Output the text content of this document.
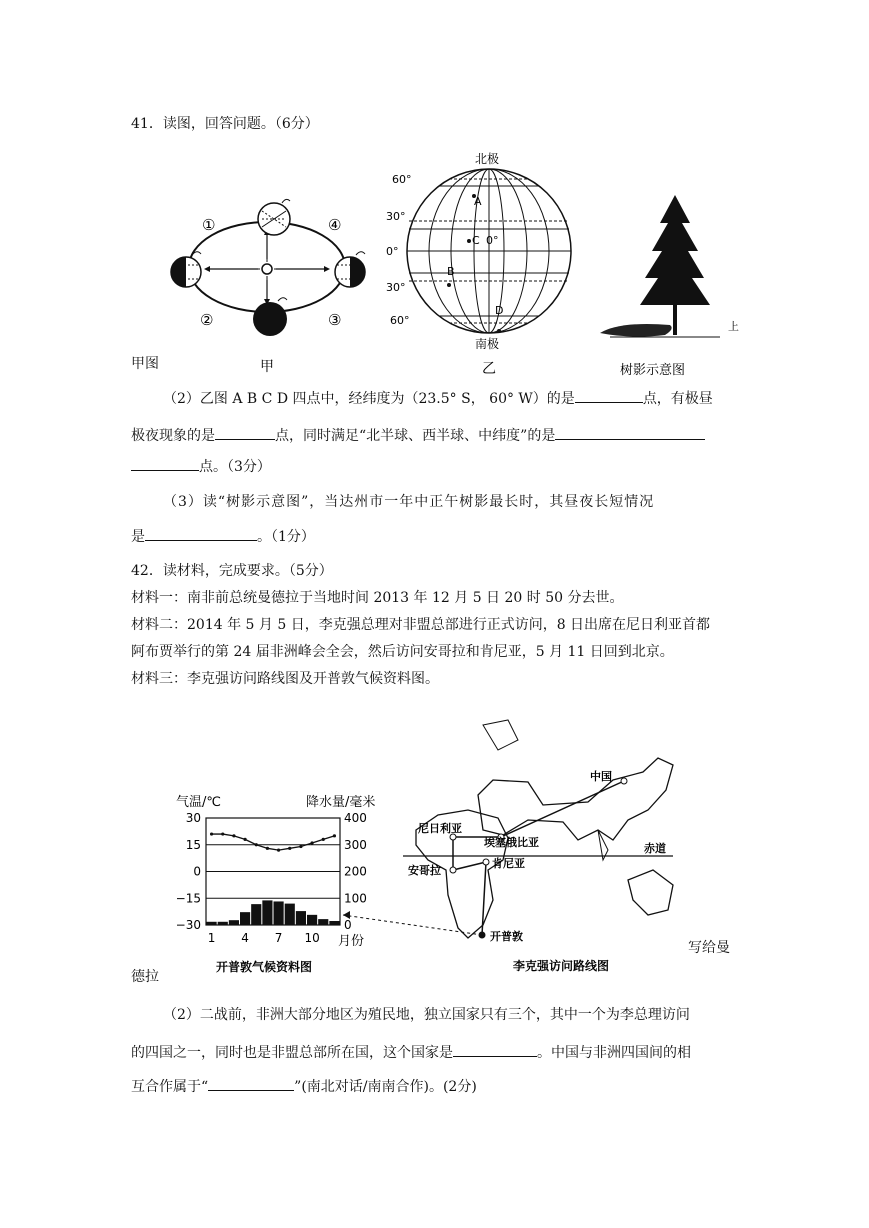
41．读图，回答问题。（6分）
①	④
②	③
甲
北极
南极
60°
30°
0°
30°
60°
A
C
B
D
0°
乙	树影示意图
甲图
上
（2）乙图 A B C D 四点中，经纬度为（23.5° S， 60° W）的是	点，有极昼
极夜现象的是	点，同时满足“北半球、西半球、中纬度”的是
点。（3分）
（3）读“树影示意图”，当达州市一年中正午树影最长时，其昼夜长短情况
是	。（1分）
42．读材料，完成要求。（5分）
材料一：南非前总统曼德拉于当地时间 2013 年 12 月 5 日 20 时 50 分去世。
材料二：2014 年 5 月 5 日，李克强总理对非盟总部进行正式访问，8 日出席在尼日利亚首都
阿布贾举行的第 24 届非洲峰会全会，然后访问安哥拉和肯尼亚，5 月 11 日回到北京。
材料三：李克强访问路线图及开普敦气候资料图。
气温/℃	降水量/毫米
30
15
0
−15
−30
400
300
200
100
0
1 4 7 10 月份
开普敦气候资料图
赤道
中国
尼日利亚
埃塞俄比亚
安哥拉
肯尼亚
开普敦
李克强访问路线图
德拉
写给曼
（2）二战前，非洲大部分地区为殖民地，独立国家只有三个，其中一个为李总理访问
的四国之一，同时也是非盟总部所在国，这个国家是	。中国与非洲四国间的相
互合作属于“	”(南北对话/南南合作)。(2分)
